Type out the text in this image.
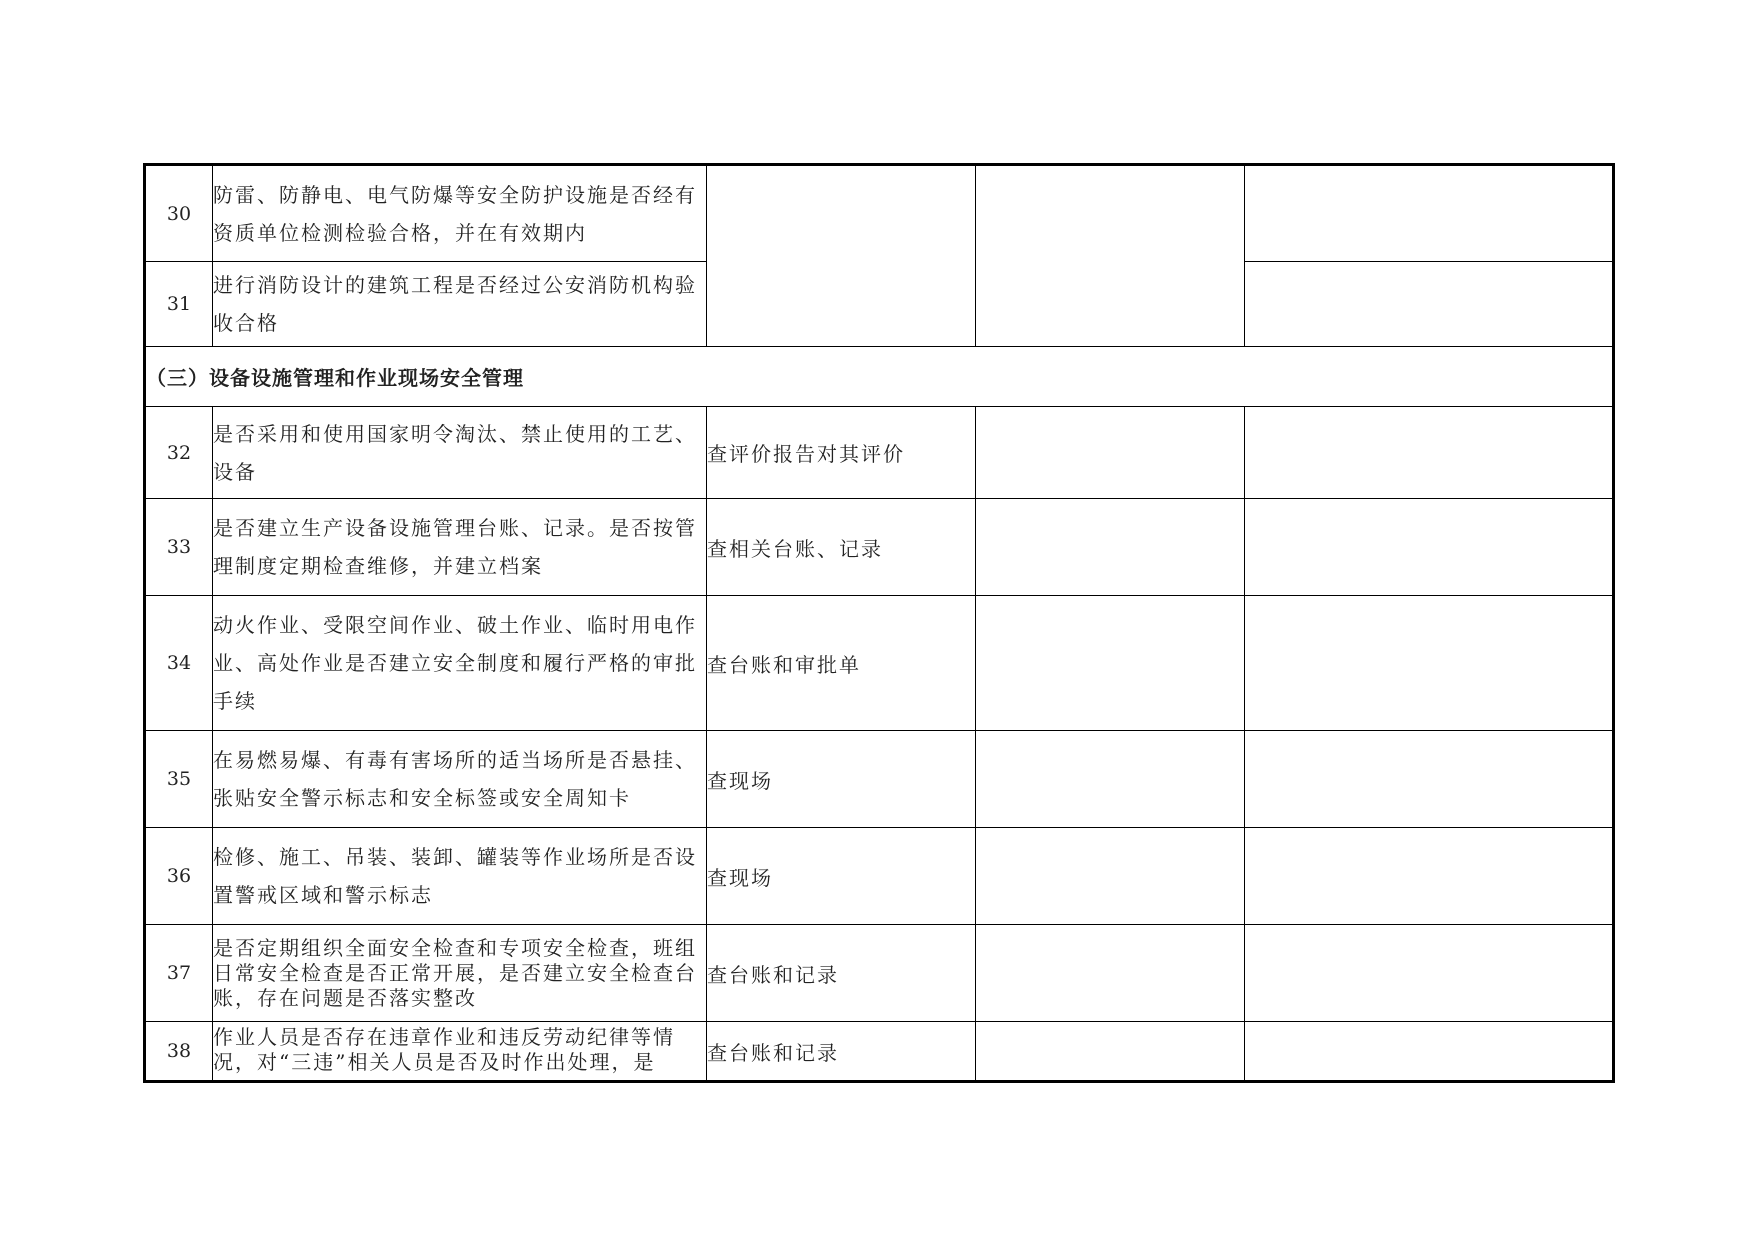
30	防雷、防静电、电气防爆等安全防护设施是否经有资质单位检测检验合格，并在有效期内			
31	进行消防设计的建筑工程是否经过公安消防机构验收合格			
（三）设备设施管理和作业现场安全管理				
32	是否采用和使用国家明令淘汰、禁止使用的工艺、设备	查评价报告对其评价		
33	是否建立生产设备设施管理台账、记录。是否按管理制度定期检查维修，并建立档案	查相关台账、记录		
34	动火作业、受限空间作业、破土作业、临时用电作业、高处作业是否建立安全制度和履行严格的审批手续	查台账和审批单		
35	在易燃易爆、有毒有害场所的适当场所是否悬挂、张贴安全警示标志和安全标签或安全周知卡	查现场		
36	检修、施工、吊装、装卸、罐装等作业场所是否设置警戒区域和警示标志	查现场		
37	是否定期组织全面安全检查和专项安全检查，班组日常安全检查是否正常开展，是否建立安全检查台账，存在问题是否落实整改	查台账和记录		
38	作业人员是否存在违章作业和违反劳动纪律等情况，对“三违”相关人员是否及时作出处理，是	查台账和记录		
